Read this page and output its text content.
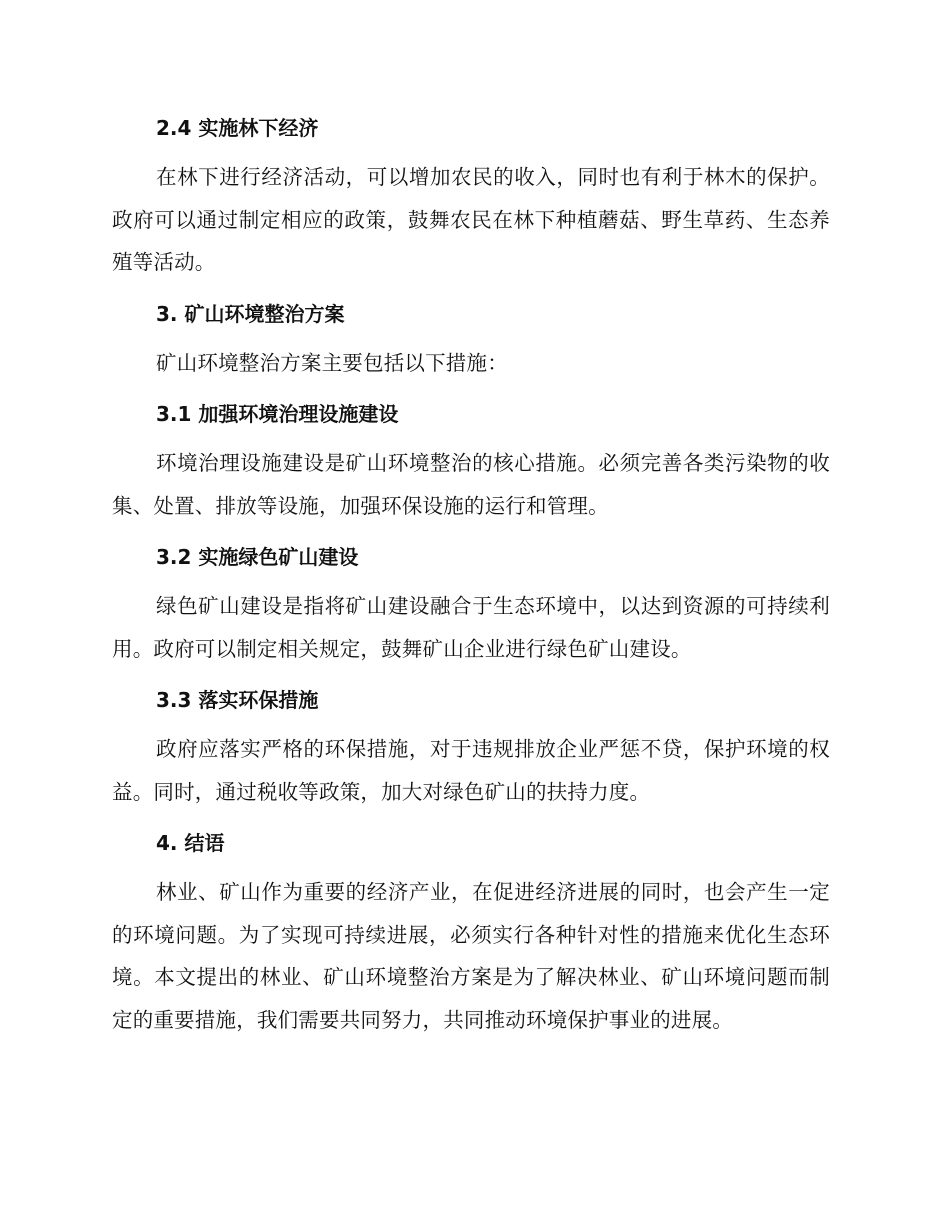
2.4 实施林下经济

在林下进行经济活动，可以增加农民的收入，同时也有利于林木的保护。政府可以通过制定相应的政策，鼓舞农民在林下种植蘑菇、野生草药、生态养殖等活动。

3. 矿山环境整治方案

矿山环境整治方案主要包括以下措施：

3.1 加强环境治理设施建设

环境治理设施建设是矿山环境整治的核心措施。必须完善各类污染物的收集、处置、排放等设施，加强环保设施的运行和管理。

3.2 实施绿色矿山建设

绿色矿山建设是指将矿山建设融合于生态环境中，以达到资源的可持续利用。政府可以制定相关规定，鼓舞矿山企业进行绿色矿山建设。

3.3 落实环保措施

政府应落实严格的环保措施，对于违规排放企业严惩不贷，保护环境的权益。同时，通过税收等政策，加大对绿色矿山的扶持力度。

4. 结语

林业、矿山作为重要的经济产业，在促进经济进展的同时，也会产生一定的环境问题。为了实现可持续进展，必须实行各种针对性的措施来优化生态环境。本文提出的林业、矿山环境整治方案是为了解决林业、矿山环境问题而制定的重要措施，我们需要共同努力，共同推动环境保护事业的进展。
